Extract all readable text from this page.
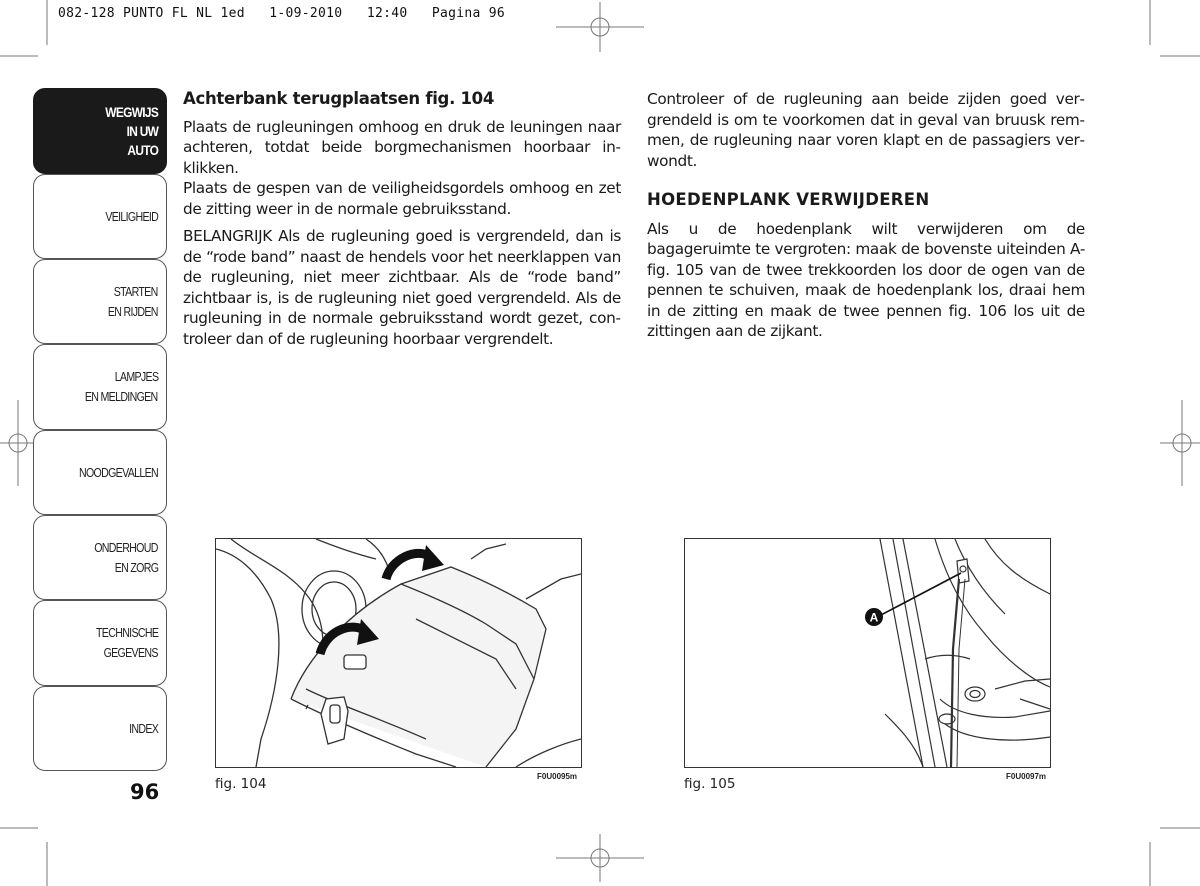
082-128 PUNTO FL NL 1ed   1-09-2010   12:40   Pagina 96
WEGWIJS
IN UW
AUTO
VEILIGHEID
STARTEN
EN RIJDEN
LAMPJES
EN MELDINGEN
NOODGEVALLEN
ONDERHOUD
EN ZORG
TECHNISCHE
GEGEVENS
INDEX
96
Achterbank terugplaatsen fig. 104

Plaats de rugleuningen omhoog en druk de leuningen naar achteren, totdat beide borgmechanismen hoorbaar inklikken.

Plaats de gespen van de veiligheidsgordels omhoog en zet de zitting weer in de normale gebruiksstand.

BELANGRIJK Als de rugleuning goed is vergrendeld, dan is de “rode band” naast de hendels voor het neerklappen van de rugleuning, niet meer zichtbaar. Als de “rode band” zichtbaar is, is de rugleuning niet goed vergrendeld. Als de rugleuning in de normale gebruiksstand wordt gezet, controleer dan of de rugleuning hoorbaar vergrendelt.

Controleer of de rugleuning aan beide zijden goed vergrendeld is om te voorkomen dat in geval van bruusk remmen, de rugleuning naar voren klapt en de passagiers verwondt.

HOEDENPLANK VERWIJDEREN

Als u de hoedenplank wilt verwijderen om de bagageruimte te vergroten: maak de bovenste uiteinden A-fig. 105 van de twee trekkoorden los door de ogen van de pennen te schuiven, maak de hoedenplank los, draai hem in de zitting en maak de twee pennen fig. 106 los uit de zittingen aan de zijkant.

fig. 104	F0U0095m
A
fig. 105	F0U0097m
